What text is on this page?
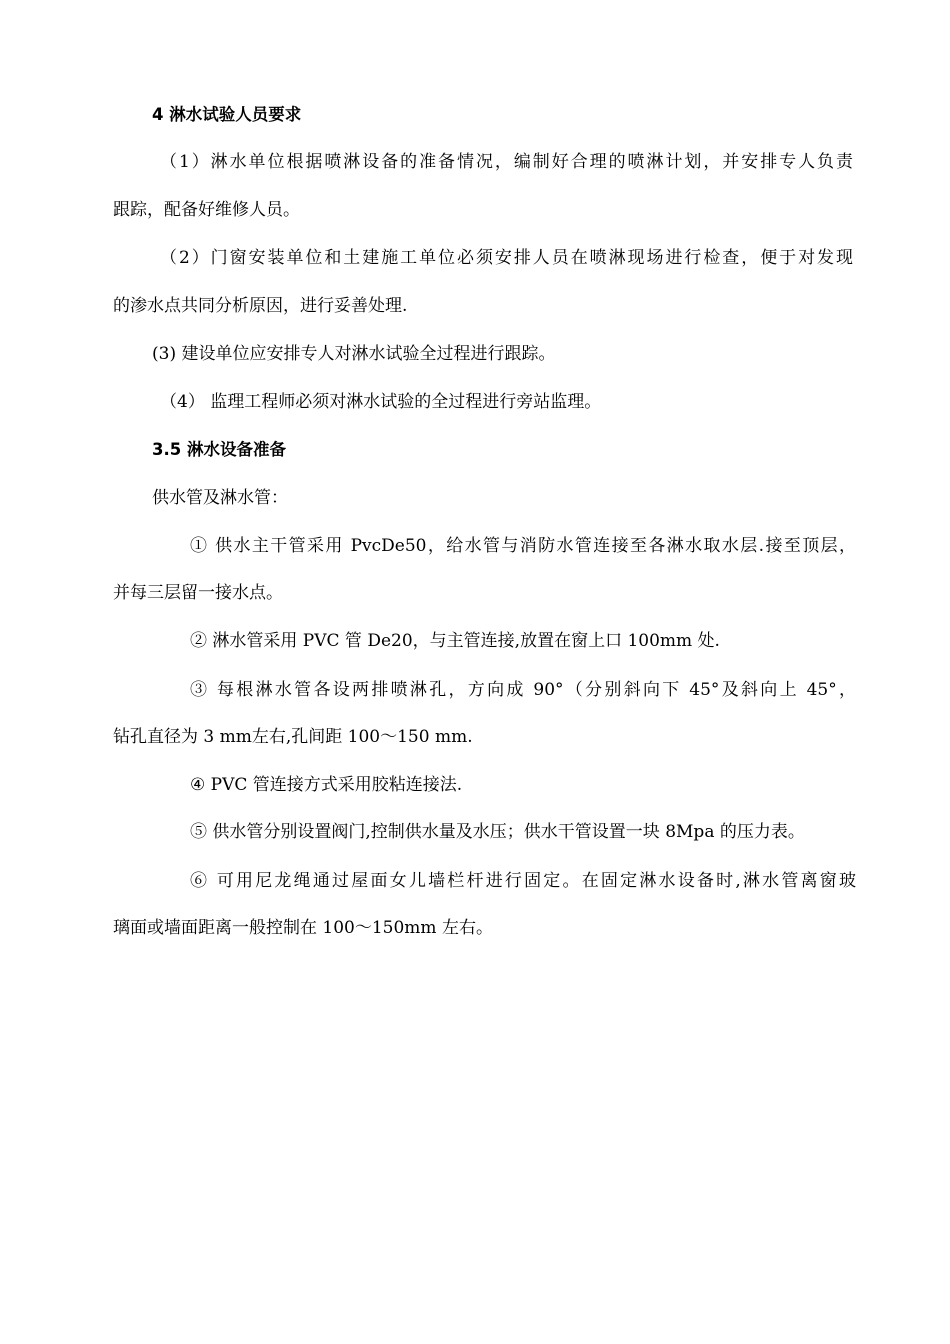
4 淋水试验人员要求
（1）淋水单位根据喷淋设备的准备情况，编制好合理的喷淋计划，并安排专人负责
跟踪，配备好维修人员。
（2）门窗安装单位和土建施工单位必须安排人员在喷淋现场进行检查，便于对发现
的渗水点共同分析原因，进行妥善处理.
(3) 建设单位应安排专人对淋水试验全过程进行跟踪。
（4） 监理工程师必须对淋水试验的全过程进行旁站监理。
3.5 淋水设备准备
供水管及淋水管：
① 供水主干管采用 PvcDe50，给水管与消防水管连接至各淋水取水层.接至顶层，
并每三层留一接水点。
② 淋水管采用 PVC 管 De20，与主管连接,放置在窗上口 100mm 处.
③ 每根淋水管各设两排喷淋孔，方向成 90°（分别斜向下 45°及斜向上 45°，
钻孔直径为 3 mm左右,孔间距 100～150 mm.
④ PVC 管连接方式采用胶粘连接法.
⑤ 供水管分别设置阀门,控制供水量及水压；供水干管设置一块 8Mpa 的压力表。
⑥ 可用尼龙绳通过屋面女儿墙栏杆进行固定。在固定淋水设备时,淋水管离窗玻
璃面或墙面距离一般控制在 100～150mm 左右。
